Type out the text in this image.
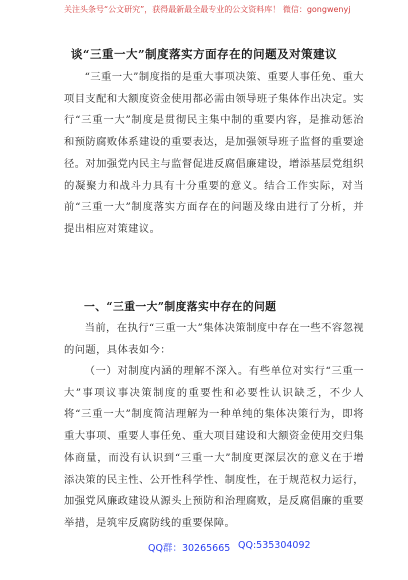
关注头条号“公文研究”，获得最新最全最专业的公文资料库！ 微信：gongwenyj
谈“三重一大”制度落实方面存在的问题及对策建议
“三重一大”制度指的是重大事项决策、重要人事任免、重大项目支配和大额度资金使用都必需由领导班子集体作出决定。实行“三重一大”制度是贯彻民主集中制的重要内容，是推动惩治和预防腐败体系建设的重要表达，是加强领导班子监督的重要途径。对加强党内民主与监督促进反腐倡廉建设，增添基层党组织的凝聚力和战斗力具有十分重要的意义。结合工作实际，对当前“三重一大”制度落实方面存在的问题及缘由进行了分析，并提出相应对策建议。
一、“三重一大”制度落实中存在的问题
当前，在执行“三重一大”集体决策制度中存在一些不容忽视的问题，具体表如今：
（一）对制度内涵的理解不深入。有些单位对实行“三重一大”事项议事决策制度的重要性和必要性认识缺乏，不少人将“三重一大”制度简洁理解为一种单纯的集体决策行为，即将重大事项、重要人事任免、重大项目建设和大额资金使用交归集体商量，而没有认识到“三重一大”制度更深层次的意义在于增添决策的民主性、公开性科学性、制度性，在于规范权力运行，加强党风廉政建设从源头上预防和治理腐败，是反腐倡廉的重要举措，是筑牢反腐防线的重要保障。
QQ群：30265665 QQ:535304092
